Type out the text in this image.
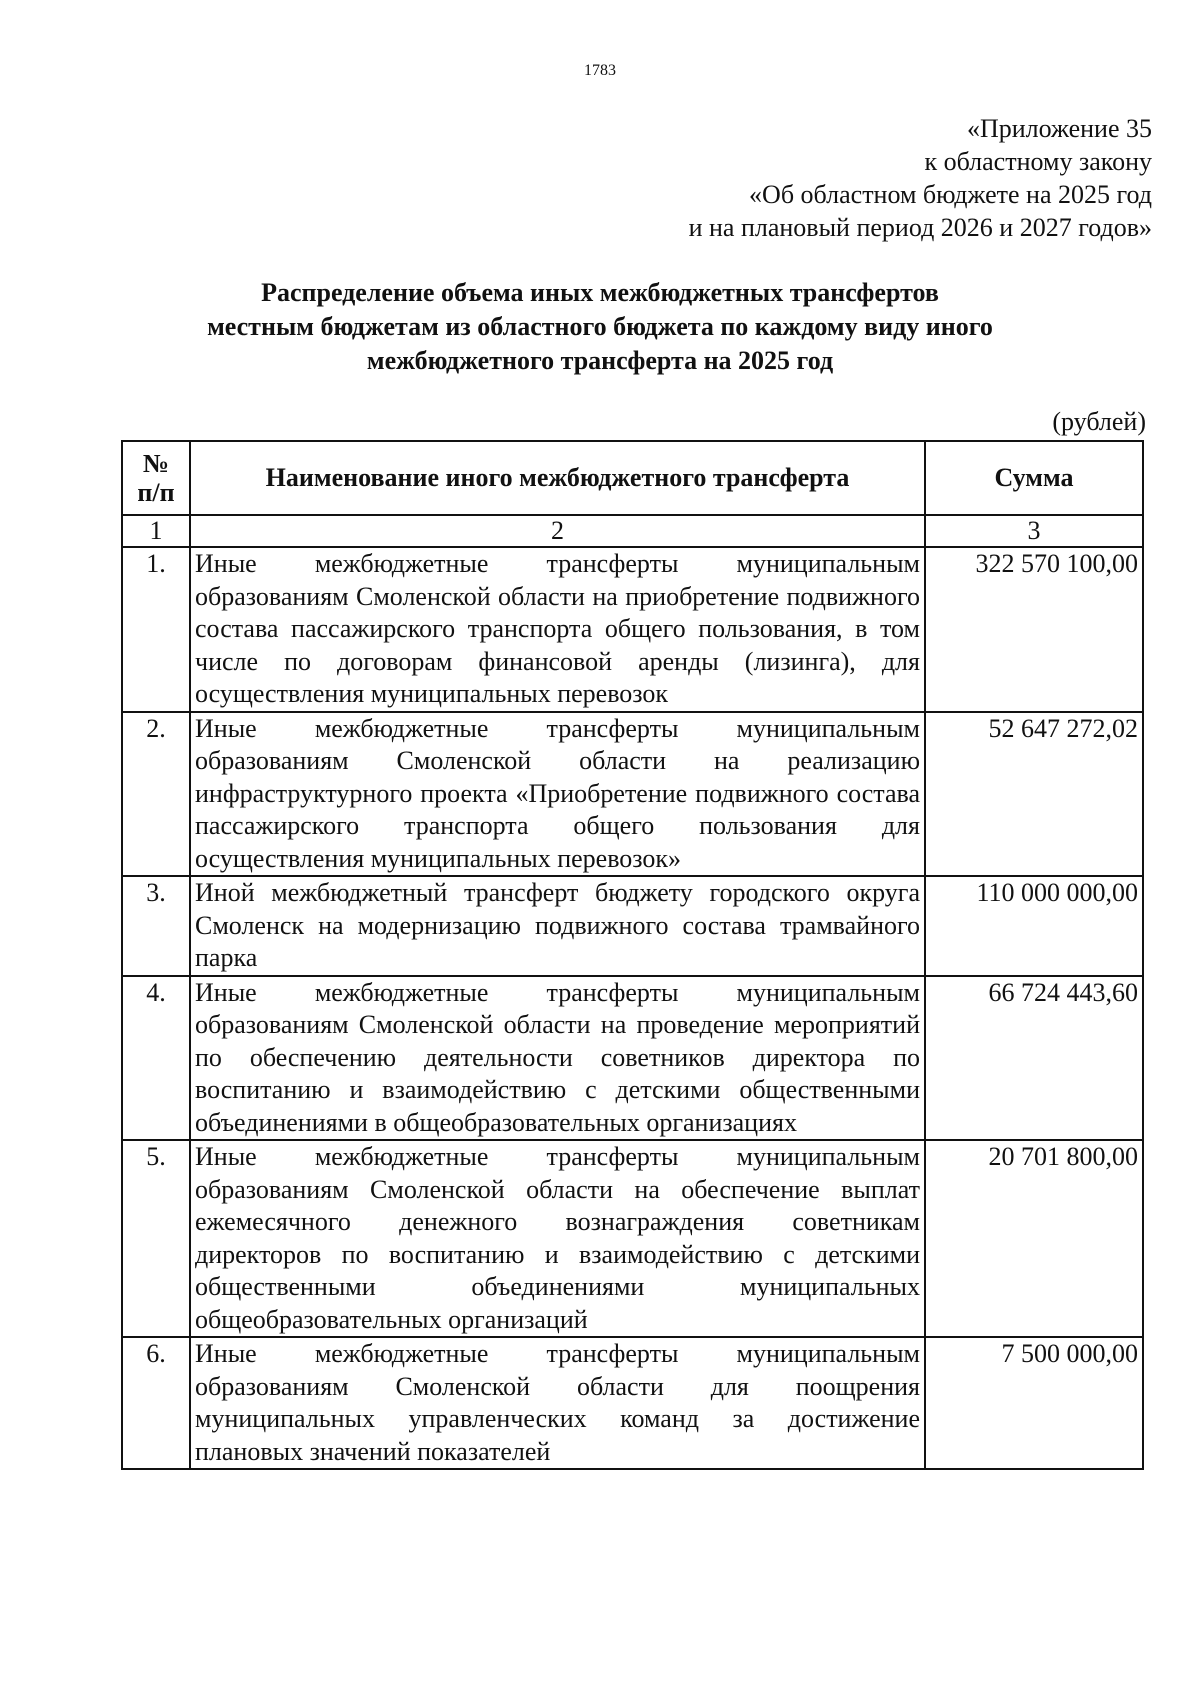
1783
«Приложение 35
к областному закону
«Об областном бюджете на 2025 год
и на плановый период 2026 и 2027 годов»
Распределение объема иных межбюджетных трансфертов
местным бюджетам из областного бюджета по каждому виду иного
межбюджетного трансферта на 2025 год
(рублей)
№
п/п	Наименование иного межбюджетного трансферта	Сумма
1	2	3
1.	Иные межбюджетные трансферты муниципальным образованиям Смоленской области на приобретение подвижного состава пассажирского транспорта общего пользования, в том числе по договорам финансовой аренды (лизинга), для осуществления муниципальных перевозок	322 570 100,00
2.	Иные межбюджетные трансферты муниципальным образованиям Смоленской области на реализацию инфраструктурного проекта «Приобретение подвижного состава пассажирского транспорта общего пользования для осуществления муниципальных перевозок»	52 647 272,02
3.	Иной межбюджетный трансферт бюджету городского округа Смоленск на модернизацию подвижного состава трамвайного парка	110 000 000,00
4.	Иные межбюджетные трансферты муниципальным образованиям Смоленской области на проведение мероприятий по обеспечению деятельности советников директора по воспитанию и взаимодействию с детскими общественными объединениями в общеобразовательных организациях	66 724 443,60
5.	Иные межбюджетные трансферты муниципальным образованиям Смоленской области на обеспечение выплат ежемесячного денежного вознаграждения советникам директоров по воспитанию и взаимодействию с детскими общественными объединениями муниципальных общеобразовательных организаций	20 701 800,00
6.	Иные межбюджетные трансферты муниципальным образованиям Смоленской области для поощрения муниципальных управленческих команд за достижение плановых значений показателей	7 500 000,00
